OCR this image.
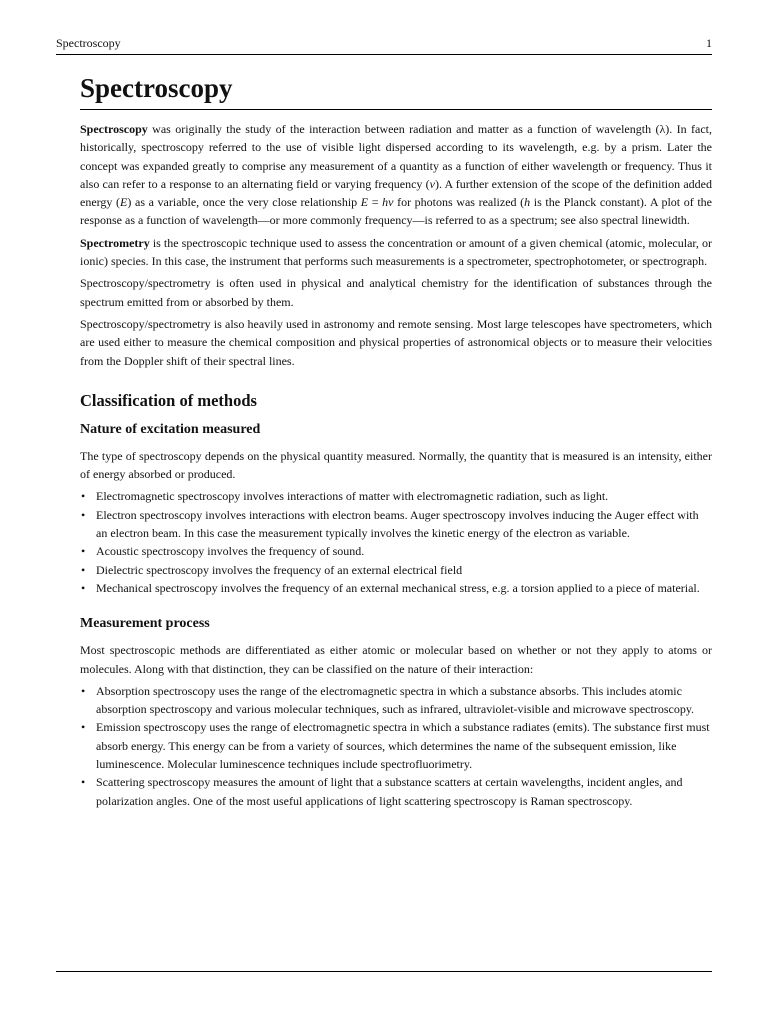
Spectroscopy	1
Spectroscopy

Spectroscopy was originally the study of the interaction between radiation and matter as a function of wavelength (λ). In fact, historically, spectroscopy referred to the use of visible light dispersed according to its wavelength, e.g. by a prism. Later the concept was expanded greatly to comprise any measurement of a quantity as a function of either wavelength or frequency. Thus it also can refer to a response to an alternating field or varying frequency (ν). A further extension of the scope of the definition added energy (E) as a variable, once the very close relationship E = hν for photons was realized (h is the Planck constant). A plot of the response as a function of wavelength—or more commonly frequency—is referred to as a spectrum; see also spectral linewidth.

Spectrometry is the spectroscopic technique used to assess the concentration or amount of a given chemical (atomic, molecular, or ionic) species. In this case, the instrument that performs such measurements is a spectrometer, spectrophotometer, or spectrograph.

Spectroscopy/spectrometry is often used in physical and analytical chemistry for the identification of substances through the spectrum emitted from or absorbed by them.

Spectroscopy/spectrometry is also heavily used in astronomy and remote sensing. Most large telescopes have spectrometers, which are used either to measure the chemical composition and physical properties of astronomical objects or to measure their velocities from the Doppler shift of their spectral lines.

Classification of methods
Nature of excitation measured

The type of spectroscopy depends on the physical quantity measured. Normally, the quantity that is measured is an intensity, either of energy absorbed or produced.

• Electromagnetic spectroscopy involves interactions of matter with electromagnetic radiation, such as light.
• Electron spectroscopy involves interactions with electron beams. Auger spectroscopy involves inducing the Auger effect with an electron beam. In this case the measurement typically involves the kinetic energy of the electron as variable.
• Acoustic spectroscopy involves the frequency of sound.
• Dielectric spectroscopy involves the frequency of an external electrical field
• Mechanical spectroscopy involves the frequency of an external mechanical stress, e.g. a torsion applied to a piece of material.
Measurement process

Most spectroscopic methods are differentiated as either atomic or molecular based on whether or not they apply to atoms or molecules. Along with that distinction, they can be classified on the nature of their interaction:

• Absorption spectroscopy uses the range of the electromagnetic spectra in which a substance absorbs. This includes atomic absorption spectroscopy and various molecular techniques, such as infrared, ultraviolet-visible and microwave spectroscopy.
• Emission spectroscopy uses the range of electromagnetic spectra in which a substance radiates (emits). The substance first must absorb energy. This energy can be from a variety of sources, which determines the name of the subsequent emission, like luminescence. Molecular luminescence techniques include spectrofluorimetry.
• Scattering spectroscopy measures the amount of light that a substance scatters at certain wavelengths, incident angles, and polarization angles. One of the most useful applications of light scattering spectroscopy is Raman spectroscopy.
